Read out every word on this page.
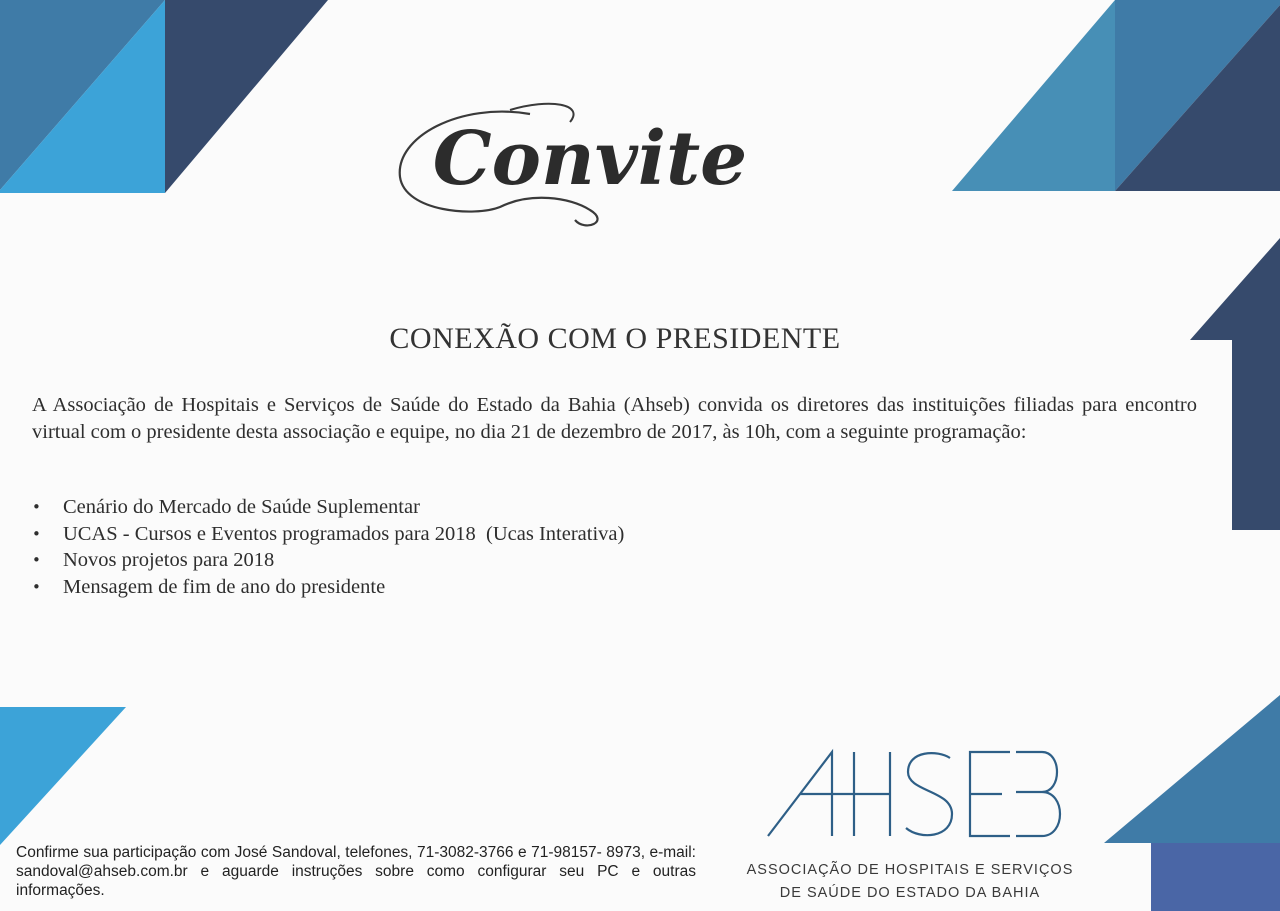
Convite
CONEXÃO COM O PRESIDENTE

A Associação de Hospitais e Serviços de Saúde do Estado da Bahia (Ahseb) convida os diretores das instituições filiadas para encontro virtual com o presidente desta associação e equipe, no dia 21 de dezembro de 2017, às 10h, com a seguinte programação:

• Cenário do Mercado de Saúde Suplementar
• UCAS - Cursos e Eventos programados para 2018  (Ucas Interativa)
• Novos projetos para 2018
• Mensagem de fim de ano do presidente

Confirme sua participação com José Sandoval, telefones, 71-3082-3766 e 71-98157- 8973, e-mail: sandoval@ahseb.com.br e aguarde instruções sobre como configurar seu PC e outras informações.

AHSEB
ASSOCIAÇÃO DE HOSPITAIS E SERVIÇOS
DE SAÚDE DO ESTADO DA BAHIA
